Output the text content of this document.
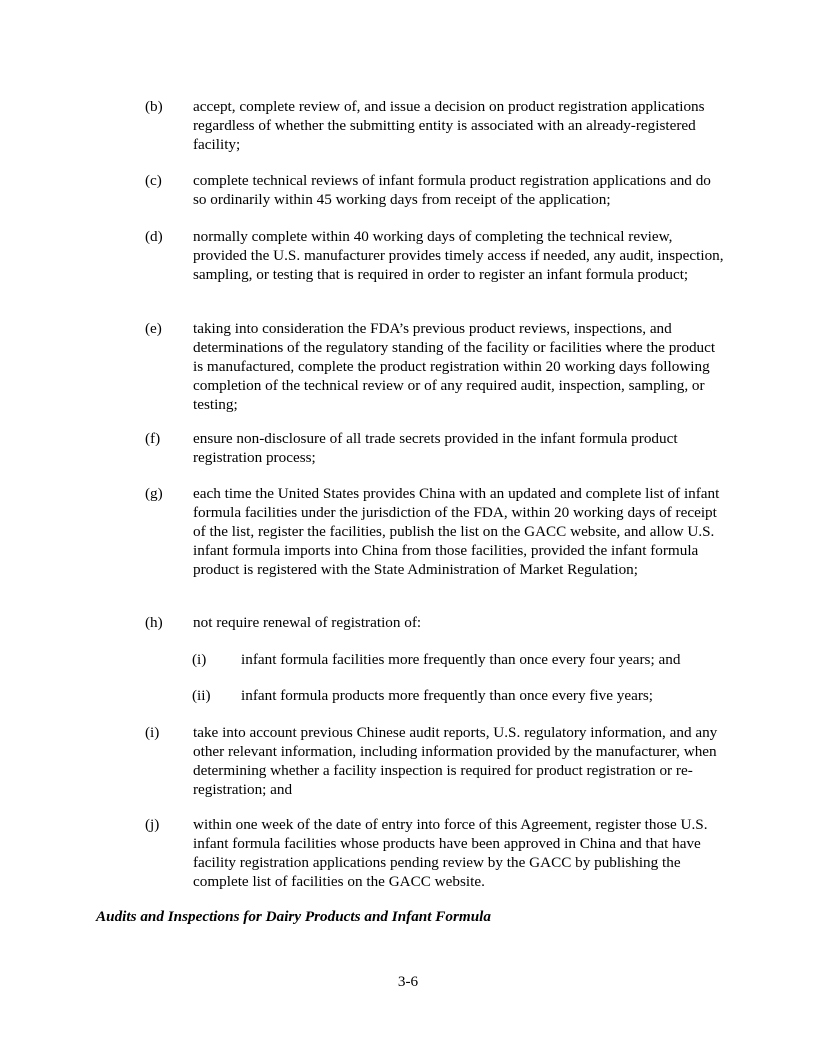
(b) accept, complete review of, and issue a decision on product registration applications regardless of whether the submitting entity is associated with an already-registered facility;
(c) complete technical reviews of infant formula product registration applications and do so ordinarily within 45 working days from receipt of the application;
(d) normally complete within 40 working days of completing the technical review, provided the U.S. manufacturer provides timely access if needed, any audit, inspection, sampling, or testing that is required in order to register an infant formula product;
(e) taking into consideration the FDA’s previous product reviews, inspections, and determinations of the regulatory standing of the facility or facilities where the product is manufactured, complete the product registration within 20 working days following completion of the technical review or of any required audit, inspection, sampling, or testing;
(f) ensure non-disclosure of all trade secrets provided in the infant formula product registration process;
(g) each time the United States provides China with an updated and complete list of infant formula facilities under the jurisdiction of the FDA, within 20 working days of receipt of the list, register the facilities, publish the list on the GACC website, and allow U.S. infant formula imports into China from those facilities, provided the infant formula product is registered with the State Administration of Market Regulation;
(h) not require renewal of registration of:
(i) infant formula facilities more frequently than once every four years; and
(ii) infant formula products more frequently than once every five years;
(i) take into account previous Chinese audit reports, U.S. regulatory information, and any other relevant information, including information provided by the manufacturer, when determining whether a facility inspection is required for product registration or re-registration; and
(j) within one week of the date of entry into force of this Agreement, register those U.S. infant formula facilities whose products have been approved in China and that have facility registration applications pending review by the GACC by publishing the complete list of facilities on the GACC website.
Audits and Inspections for Dairy Products and Infant Formula
3-6
